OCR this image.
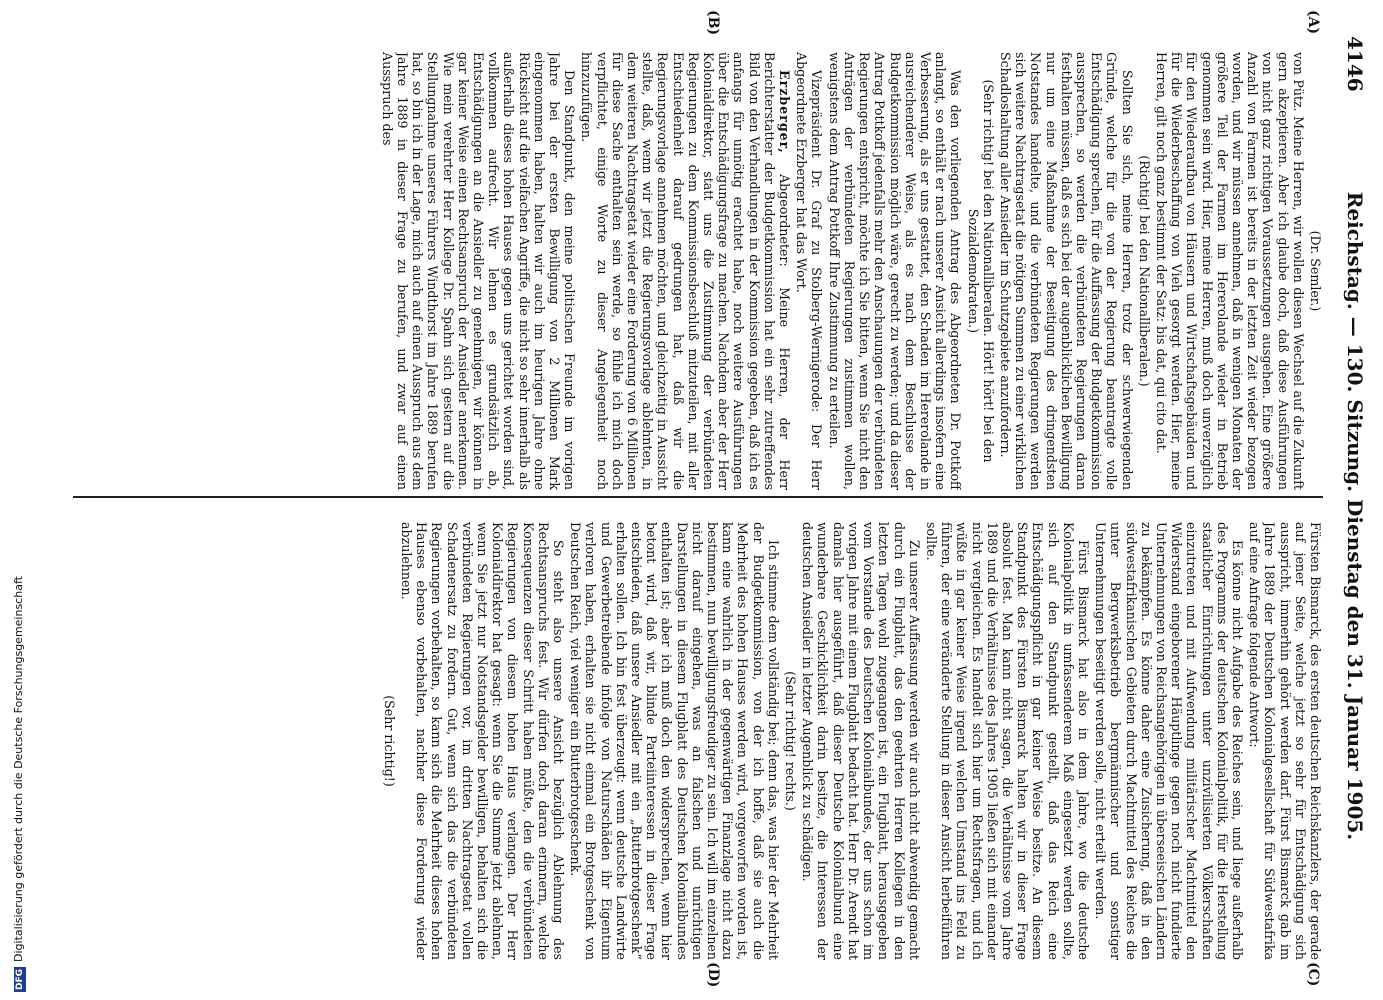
4146
Reichstag. — 130. Sitzung. Dienstag den 31. Januar 1905.
(A)
(B)
(C)
(D)

(Dr. Semler.)

von Pütz. Meine Herren, wir wollen diesen Wechsel auf die Zukunft gern akzeptieren. Aber ich glaube doch, daß diese Ausführungen von nicht ganz richtigen Voraussetzungen ausgehen. Eine größere Anzahl von Farmen ist bereits in der letzten Zeit wieder bezogen worden, und wir müssen annehmen, daß in wenigen Monaten der größere Teil der Farmen im Hererolande wieder in Betrieb genommen sein wird. Hier, meine Herren, muß doch unverzüglich für den Wiederaufbau von Häusern und Wirtschaftsgebäuden und für die Wiederbeschaffung von Vieh gesorgt werden. Hier, meine Herren, gilt noch ganz bestimmt der Satz: bis dat, qui cito dat.

(Richtig! bei den Nationalliberalen.)

Sollten Sie sich, meine Herren, trotz der schwerwiegenden Gründe, welche für die von der Regierung beantragte volle Entschädigung sprechen, für die Auffassung der Budgetkommission aussprechen, so werden die verbündeten Regierungen daran festhalten müssen, daß es sich bei der augenblicklichen Bewilligung nur um eine Maßnahme der Beseitigung des dringendsten Notstandes handelte, und die verbündeten Regierungen werden sich weitere Nachtragsetat die nötigen Summen zu einer wirklichen Schadloshaltung aller Ansiedler im Schutzgebiete anzufordern.

(Sehr richtig! bei den Nationalliberalen. Hört! hört! bei den Sozialdemokraten.)

Was den vorliegenden Antrag des Abgeordneten Dr. Pottkoff anlangt, so enthält er nach unserer Ansicht allerdings insofern eine Verbesserung, als er uns gestattet, den Schaden im Hererolande in ausreichenderer Weise, als es nach dem Beschlusse der Budgetkommission möglich wäre, gerecht zu werden; und da dieser Antrag Pottkoff jedenfalls mehr den Anschauungen der verbündeten Regierungen entspricht, möchte ich Sie bitten, wenn Sie nicht den Anträgen der verbündeten Regierungen zustimmen wollen, wenigstens dem Antrag Pottkoff Ihre Zustimmung zu erteilen.

Vizepräsident Dr. Graf zu Stolberg-Wernigerode: Der Herr Abgeordnete Erzberger hat das Wort.

Erzberger, Abgeordneter: Meine Herren, der Herr Berichterstatter der Budgetkommission hat ein sehr zutreffendes Bild von den Verhandlungen in der Kommission gegeben, daß ich es anfangs für unnötig erachtet habe, noch weitere Ausführungen über die Entschädigungsfrage zu machen. Nachdem aber der Herr Kolonialdirektor, statt uns die Zustimmung der verbündeten Regierungen zu dem Kommissionsbeschluß mitzuteilen, mit aller Entschiedenheit darauf gedrungen hat, daß wir die Regierungsvorlage annehmen möchten, und gleichzeitig in Aussicht stellte, daß, wenn wir jetzt die Regierungsvorlage ablehnten, in dem weiteren Nachtragsetat wieder eine Forderung von 6 Millionen für diese Sache enthalten sein werde, so fühle ich mich doch verpflichtet, einige Worte zu dieser Angelegenheit noch hinzuzufügen.

Den Standpunkt, den meine politischen Freunde im vorigen Jahre bei der ersten Bewilligung von 2 Millionen Mark eingenommen haben, halten wir auch im heurigen Jahre ohne Rücksicht auf die vielfachen Angriffe, die nicht so sehr innerhalb als außerhalb dieses hohen Hauses gegen uns gerichtet worden sind, vollkommen aufrecht. Wir lehnen es grundsätzlich ab, Entschädigungen an die Ansiedler zu genehmigen, wir können in gar keiner Weise einen Rechtsanspruch der Ansiedler anerkennen. Wie mein verehrter Herr Kollege Dr. Spahn sich gestern auf die Stellungnahme unseres Führers Windthorst im Jahre 1889 berufen hat, so bin ich in der Lage, mich auch auf einen Ausspruch aus dem Jahre 1889 in dieser Frage zu berufen, und zwar auf einen Ausspruch des

Fürsten Bismarck, des ersten deutschen Reichskanzlers, der gerade auf jener Seite, welche jetzt so sehr für Entschädigung sich ausspricht, immerhin gehört werden darf. Fürst Bismarck gab im Jahre 1889 der Deutschen Kolonialgesellschaft für Südwestafrika auf eine Anfrage folgende Antwort:

Es könne nicht Aufgabe des Reiches sein, und liege außerhalb des Programms der deutschen Kolonialpolitik, für die Herstellung staatlicher Einrichtungen unter unzivilisierten Völkerschaften einzutreten und mit Aufwendung militärischer Machtmittel den Widerstand eingeborener Häuptlinge gegen noch nicht fundierte Unternehmungen von Reichsangehörigen in überseeischen Ländern zu bekämpfen. Es könne daher eine Zusicherung, daß in den südwestafrikanischen Gebieten durch Machtmittel des Reiches die unter Bergwerksbetrieb bergmännischer und sonstiger Unternehmungen beseitigt werden solle, nicht erteilt werden.

Fürst Bismarck hat also in dem Jahre, wo die deutsche Kolonialpolitik in umfassenderem Maß eingesetzt werden sollte, sich auf den Standpunkt gestellt, daß das Reich eine Entschädigungspflicht in gar keiner Weise besitze. An diesem Standpunkt des Fürsten Bismarck halten wir in dieser Frage absolut fest. Man kann nicht sagen, die Verhältnisse vom Jahre 1889 und die Verhältnisse des Jahres 1905 ließen sich mit einander nicht vergleichen. Es handelt sich hier um Rechtsfragen, und ich wüßte in gar keiner Weise irgend welchen Umstand ins Feld zu führen, der eine veränderte Stellung in dieser Ansicht herbeiführen sollte.

Zu unserer Auffassung werden wir auch nicht abwendig gemacht durch ein Flugblatt, das den geehrten Herren Kollegen in den letzten Tagen wohl zugegangen ist, ein Flugblatt, herausgegeben vom Vorstande des Deutschen Kolonialbundes, der uns schon im vorigen Jahre mit einem Flugblatt bedacht hat. Herr Dr. Arendt hat damals hier ausgeführt, daß dieser Deutsche Kolonialbund eine wunderbare Geschicklichkeit darin besitze, die Interessen der deutschen Ansiedler in letzter Augenblick zu schädigen.

(Sehr richtig! rechts.)

Ich stimme dem vollständig bei; denn das, was hier der Mehrheit der Budgetkommission, von der ich hoffe, daß sie auch die Mehrheit des hohen Hauses werden wird, vorgeworfen worden ist, kann eine wahrlich in der gegenwärtigen Finanzlage nicht dazu bestimmen, nun bewilligungsfreudiger zu sein. Ich will im einzelnen nicht darauf eingehen, was an falschen und unrichtigen Darstellungen in diesem Flugblatt des Deutschen Kolonialbundes enthalten ist; aber ich muß doch den widersprechen, wenn hier betont wird, daß wir, blinde Parteiinteressen in dieser Frage entschieden, daß unsere Ansiedler mit ein „Butterbrotgeschenk“ erhalten sollen. Ich bin fest überzeugt: wenn deutsche Landwirte und Gewerbetreibende infolge von Naturschäden ihr Eigentum verloren haben, erhalten sie nicht einmal ein Brotgeschenk von Deutschen Reich, viel weniger ein Butterbrotgeschenk.

So steht also unsere Ansicht bezüglich Ablehnung des Rechtsanspruchs fest. Wir dürfen doch daran erinnern, welche Konsequenzen dieser Schritt haben müßte, den die verbündeten Regierungen von diesem hohen Haus verlangen. Der Herr Kolonialdirektor hat gesagt: wenn Sie die Summe jetzt ablehnen, wenn Sie jetzt nur Notstandsgelder bewilligen, behalten sich die verbündeten Regierungen vor, im dritten Nachtragsetat vollen Schadenersatz zu fordern. Gut, wenn sich das die verbündeten Regierungen vorbehalten, so kann sich die Mehrheit dieses hohen Hauses ebenso vorbehalten, nachher diese Forderung wieder abzulehnen.

(Sehr richtig!)

DFGDigitalisierung gefördert durch die Deutsche Forschungsgemeinschaft
